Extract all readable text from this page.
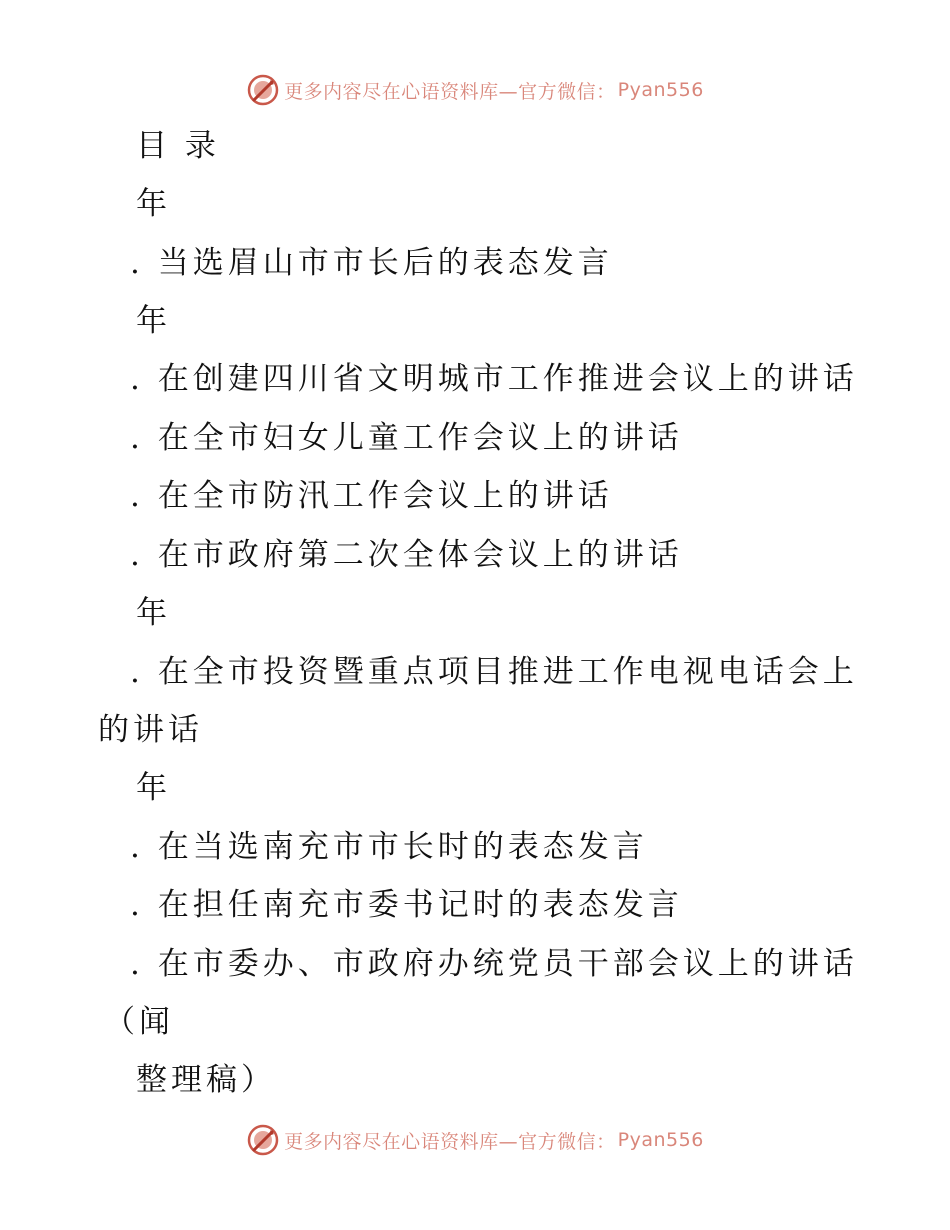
更多内容尽在心语资料库—官方微信： Pyan556
目 录
年
. 当选眉山市市长后的表态发言
年
. 在创建四川省文明城市工作推进会议上的讲话
. 在全市妇女儿童工作会议上的讲话
. 在全市防汛工作会议上的讲话
. 在市政府第二次全体会议上的讲话
年
. 在全市投资暨重点项目推进工作电视电话会上
的讲话
年
. 在当选南充市市长时的表态发言
. 在担任南充市委书记时的表态发言
. 在市委办、市政府办统党员干部会议上的讲话
（闻
整理稿）
更多内容尽在心语资料库—官方微信： Pyan556
